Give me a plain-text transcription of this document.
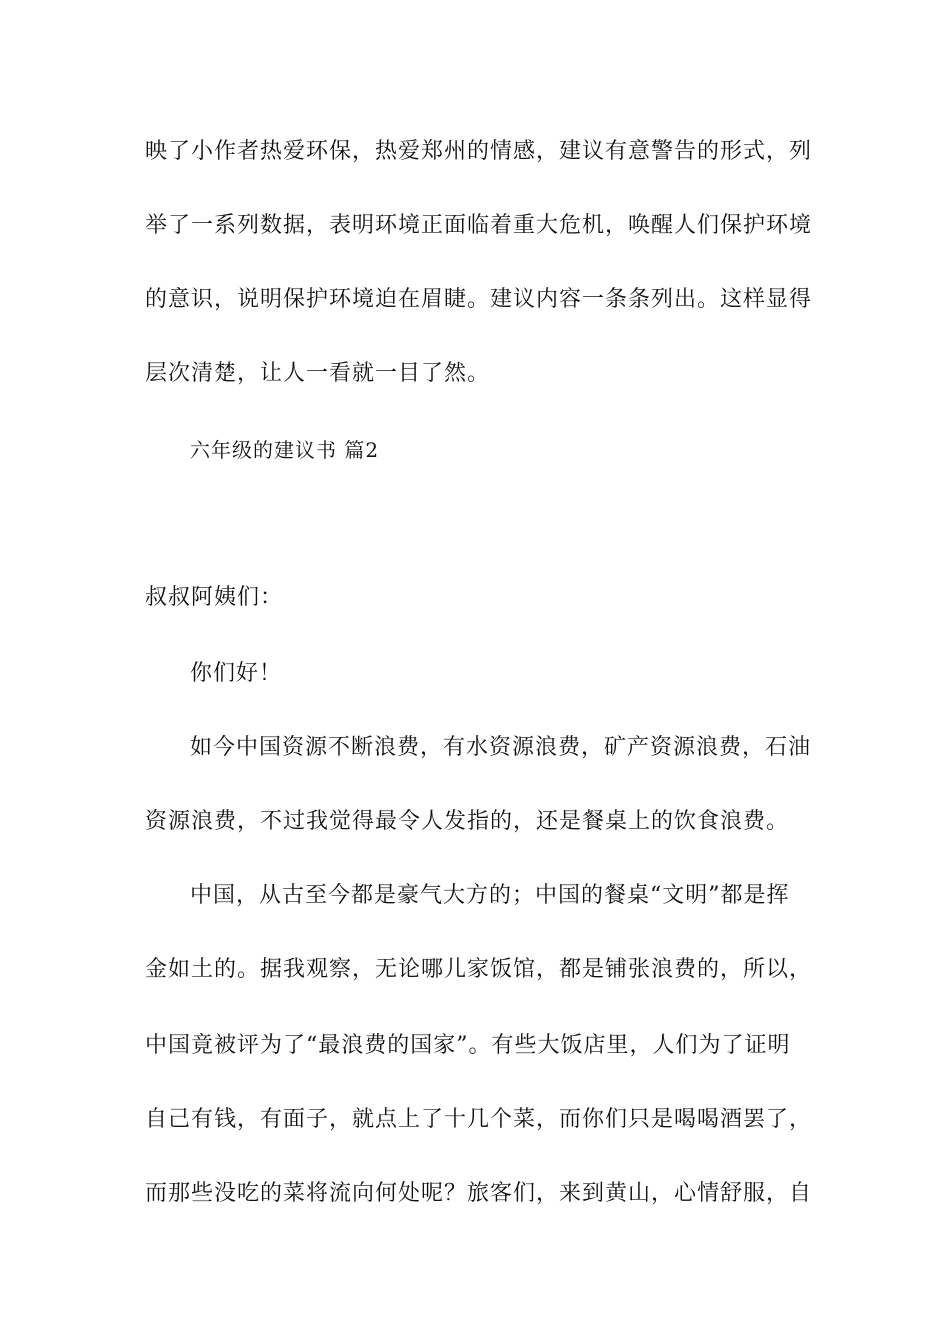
映了小作者热爱环保，热爱郑州的情感，建议有意警告的形式，列
举了一系列数据，表明环境正面临着重大危机，唤醒人们保护环境
的意识，说明保护环境迫在眉睫。建议内容一条条列出。这样显得
层次清楚，让人一看就一目了然。
六年级的建议书 篇2
叔叔阿姨们：
你们好！
如今中国资源不断浪费，有水资源浪费，矿产资源浪费，石油
资源浪费，不过我觉得最令人发指的，还是餐桌上的饮食浪费。
中国，从古至今都是豪气大方的；中国的餐桌“文明”都是挥
金如土的。据我观察，无论哪儿家饭馆，都是铺张浪费的，所以，
中国竟被评为了“最浪费的国家”。有些大饭店里，人们为了证明
自己有钱，有面子，就点上了十几个菜，而你们只是喝喝酒罢了，
而那些没吃的菜将流向何处呢？旅客们，来到黄山，心情舒服，自
